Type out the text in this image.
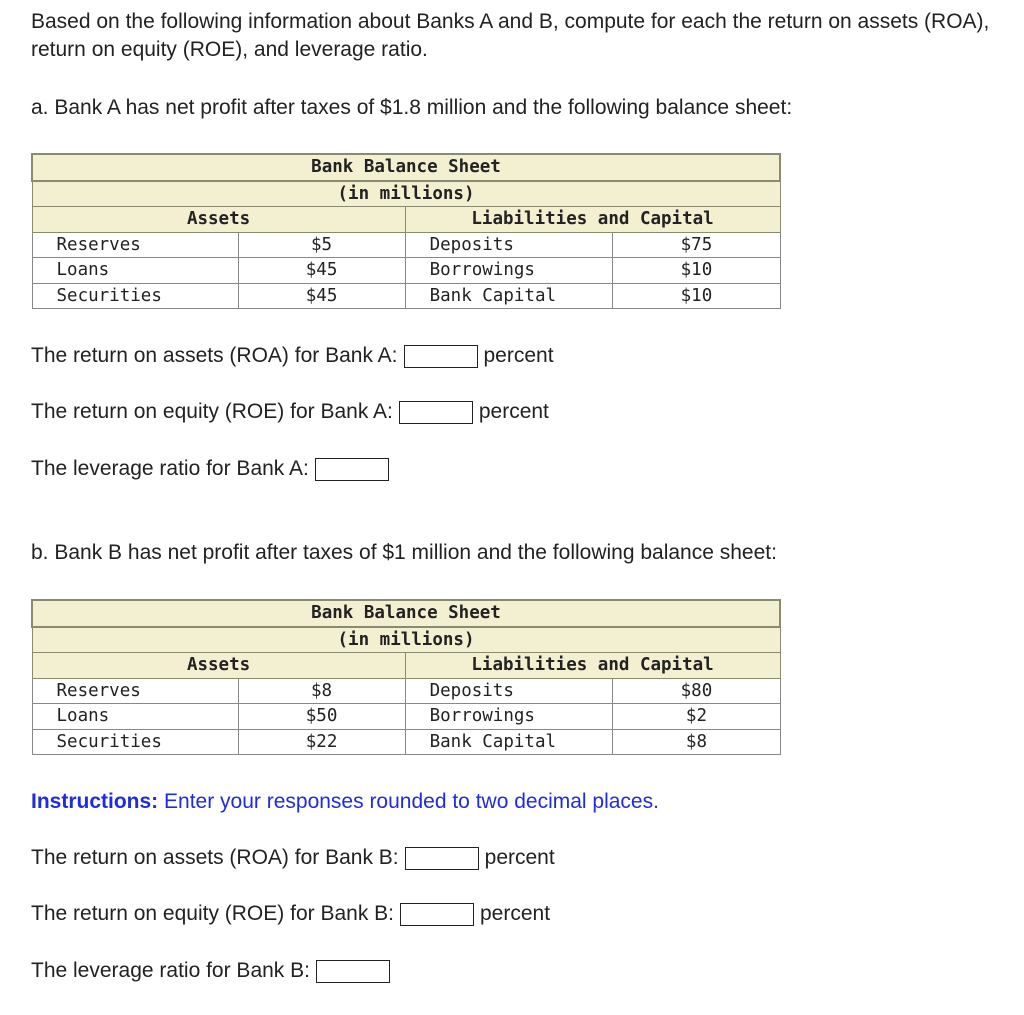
Based on the following information about Banks A and B, compute for each the return on assets (ROA), return on equity (ROE), and leverage ratio.

a. Bank A has net profit after taxes of $1.8 million and the following balance sheet:

Bank Balance Sheet			
(in millions)			
Assets		Liabilities and Capital	
Reserves	$5	Deposits	$75
Loans	$45	Borrowings	$10
Securities	$45	Bank Capital	$10
The return on assets (ROA) for Bank A:	percent
The return on equity (ROE) for Bank A:	percent
The leverage ratio for Bank A:

b. Bank B has net profit after taxes of $1 million and the following balance sheet:

Bank Balance Sheet			
(in millions)			
Assets		Liabilities and Capital	
Reserves	$8	Deposits	$80
Loans	$50	Borrowings	$2
Securities	$22	Bank Capital	$8

Instructions: Enter your responses rounded to two decimal places.

The return on assets (ROA) for Bank B:	percent
The return on equity (ROE) for Bank B:	percent
The leverage ratio for Bank B:
